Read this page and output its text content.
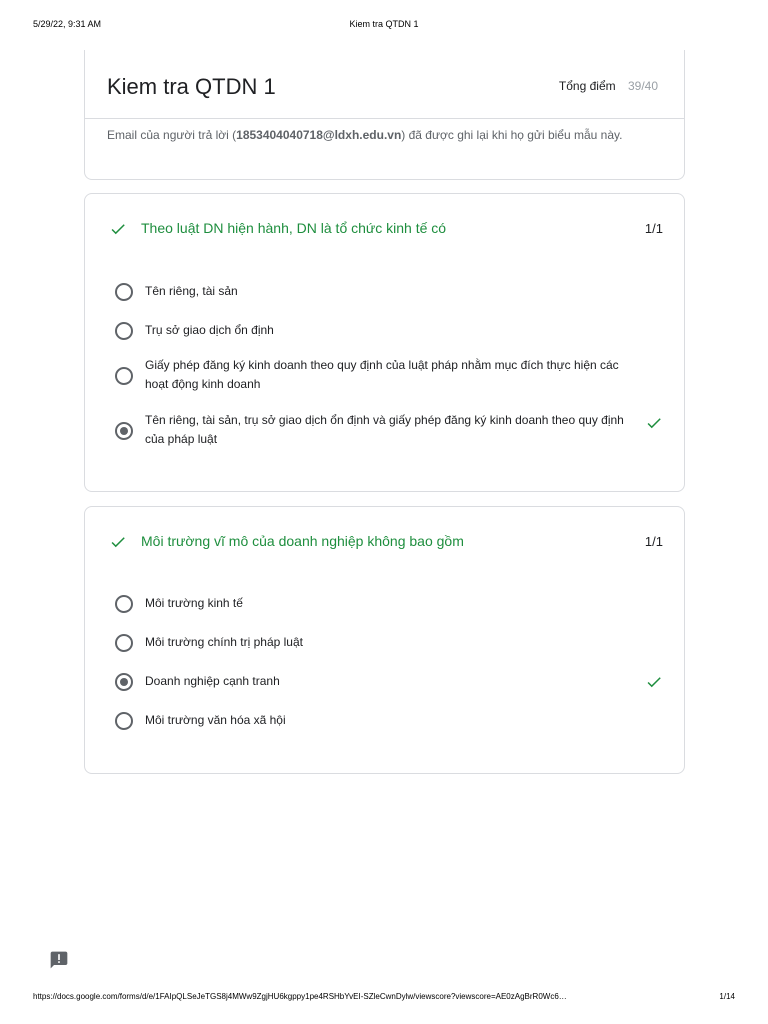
5/29/22, 9:31 AM	Kiem tra QTDN 1
Kiem tra QTDN 1	Tổng điểm 39/40
Email của người trả lời (1853404040718@ldxh.edu.vn) đã được ghi lại khi họ gửi biểu mẫu này.
Theo luật DN hiện hành, DN là tổ chức kinh tế có	1/1
Tên riêng, tài sản
Trụ sở giao dịch ổn định
Giấy phép đăng ký kinh doanh theo quy định của luật pháp nhằm mục đích thực hiện các hoạt động kinh doanh
Tên riêng, tài sản, trụ sở giao dịch ổn định và giấy phép đăng ký kinh doanh theo quy định của pháp luật
Môi trường vĩ mô của doanh nghiệp không bao gồm	1/1
Môi trường kinh tế
Môi trường chính trị pháp luật
Doanh nghiệp cạnh tranh
Môi trường văn hóa xã hội
https://docs.google.com/forms/d/e/1FAIpQLSeJeTGS8j4MWw9ZgjHU6kgppy1pe4RSHbYvEI-SZleCwnDylw/viewscore?viewscore=AE0zAgBrR0Wc6…	1/14
